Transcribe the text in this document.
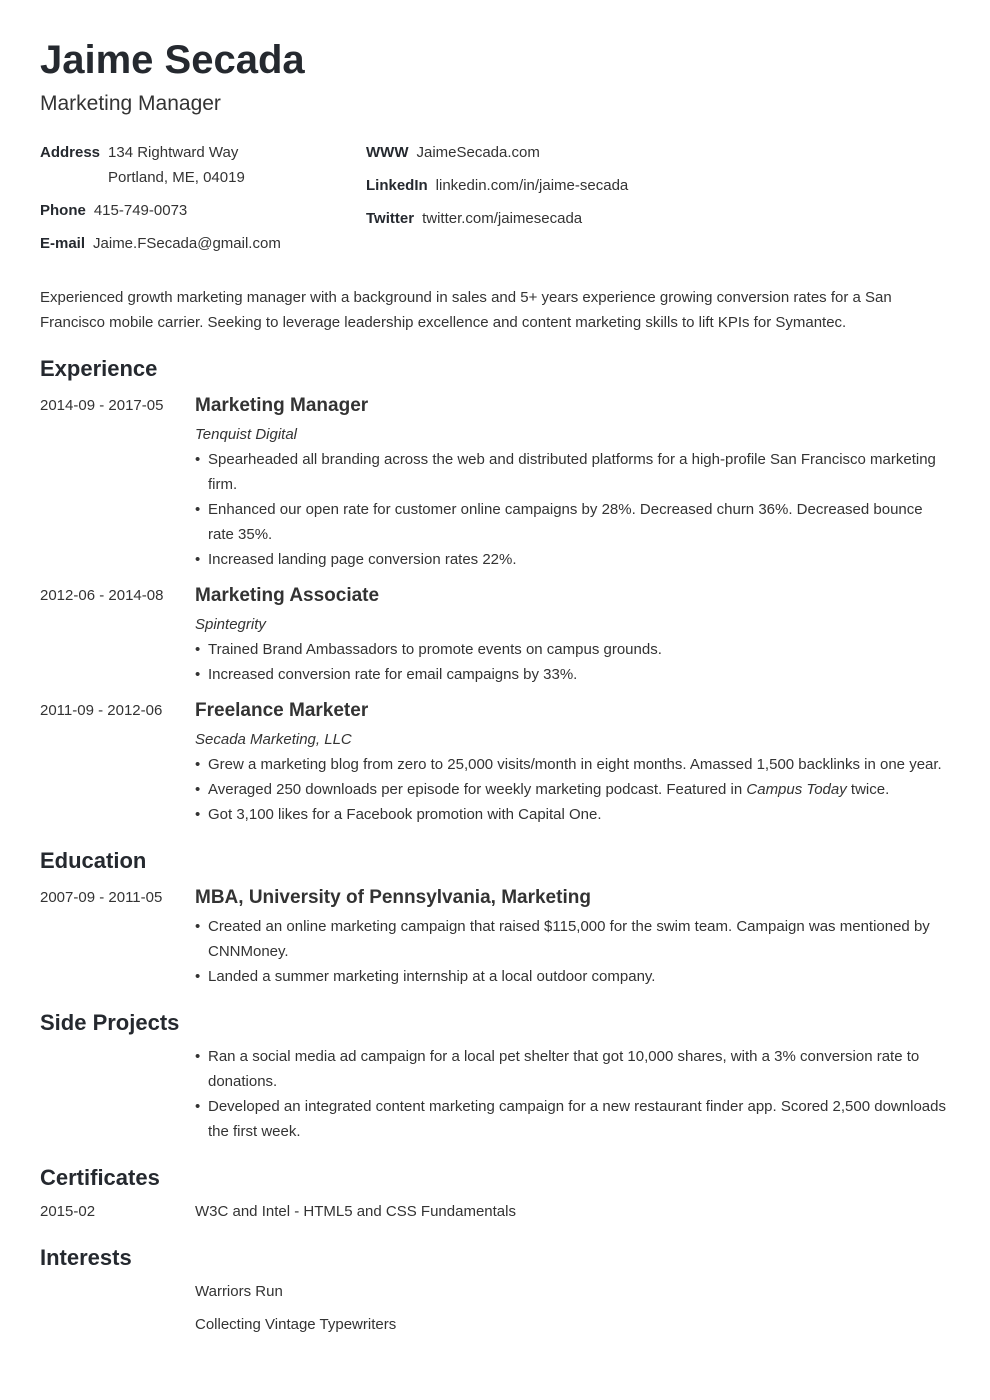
Jaime Secada

Marketing Manager

Address 134 Rightward Way
Portland, ME, 04019
Phone 415-749-0073
E-mail Jaime.FSecada@gmail.com
WWW JaimeSecada.com
LinkedIn linkedin.com/in/jaime-secada
Twitter twitter.com/jaimesecada

Experienced growth marketing manager with a background in sales and 5+ years experience growing conversion rates for a San Francisco mobile carrier. Seeking to leverage leadership excellence and content marketing skills to lift KPIs for Symantec.

Experience
2014-09 - 2017-05 Marketing Manager
Tenquist Digital
• Spearheaded all branding across the web and distributed platforms for a high-profile San Francisco marketing firm.
• Enhanced our open rate for customer online campaigns by 28%. Decreased churn 36%. Decreased bounce rate 35%.
• Increased landing page conversion rates 22%.
2012-06 - 2014-08 Marketing Associate
Spintegrity
• Trained Brand Ambassadors to promote events on campus grounds.
• Increased conversion rate for email campaigns by 33%.
2011-09 - 2012-06 Freelance Marketer
Secada Marketing, LLC
• Grew a marketing blog from zero to 25,000 visits/month in eight months. Amassed 1,500 backlinks in one year.
• Averaged 250 downloads per episode for weekly marketing podcast. Featured in Campus Today twice.
• Got 3,100 likes for a Facebook promotion with Capital One.
Education
2007-09 - 2011-05 MBA, University of Pennsylvania, Marketing
• Created an online marketing campaign that raised $115,000 for the swim team. Campaign was mentioned by CNNMoney.
• Landed a summer marketing internship at a local outdoor company.
Side Projects
• Ran a social media ad campaign for a local pet shelter that got 10,000 shares, with a 3% conversion rate to donations.
• Developed an integrated content marketing campaign for a new restaurant finder app. Scored 2,500 downloads the first week.
Certificates
2015-02	W3C and Intel - HTML5 and CSS Fundamentals
Interests
Warriors Run
Collecting Vintage Typewriters
